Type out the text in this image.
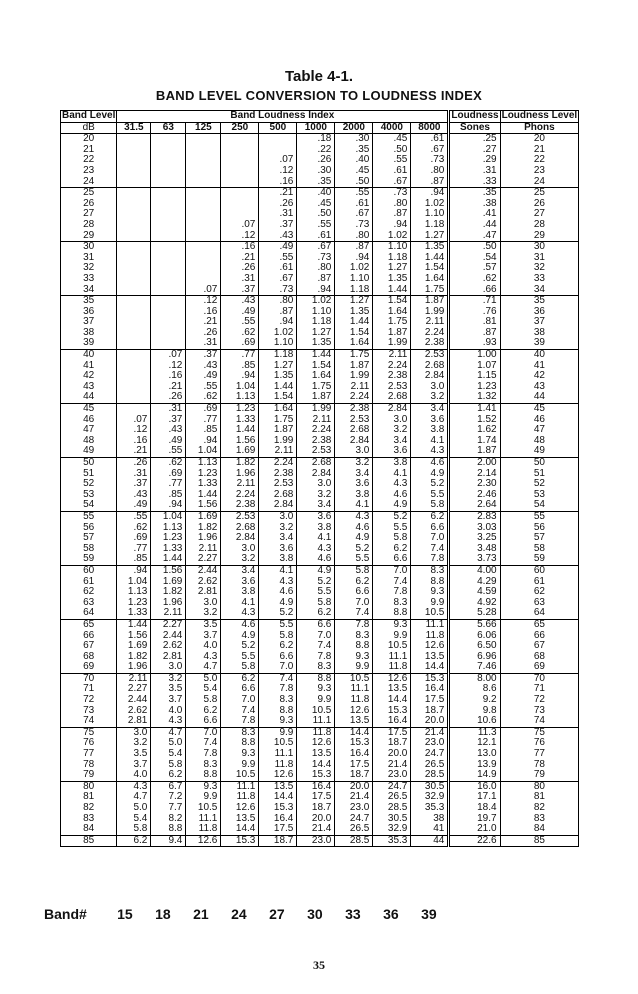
Table 4-1.
BAND LEVEL CONVERSION TO LOUDNESS INDEX
Band Level	Band Loudness Index									Loudness	Loudness Level
dB	31.5	63	125	250	500	1000	2000	4000	8000	Sones	Phons
20						.18	.30	.45	.61	.25	20
21						.22	.35	.50	.67	.27	21
22					.07	.26	.40	.55	.73	.29	22
23					.12	.30	.45	.61	.80	.31	23
24					.16	.35	.50	.67	.87	.33	24
25					.21	.40	.55	.73	.94	.35	25
26					.26	.45	.61	.80	1.02	.38	26
27					.31	.50	.67	.87	1.10	.41	27
28				.07	.37	.55	.73	.94	1.18	.44	28
29				.12	.43	.61	.80	1.02	1.27	.47	29
30				.16	.49	.67	.87	1.10	1.35	.50	30
31				.21	.55	.73	.94	1.18	1.44	.54	31
32				.26	.61	.80	1.02	1.27	1.54	.57	32
33				.31	.67	.87	1.10	1.35	1.64	.62	33
34			.07	.37	.73	.94	1.18	1.44	1.75	.66	34
35			.12	.43	.80	1.02	1.27	1.54	1.87	.71	35
36			.16	.49	.87	1.10	1.35	1.64	1.99	.76	36
37			.21	.55	.94	1.18	1.44	1.75	2.11	.81	37
38			.26	.62	1.02	1.27	1.54	1.87	2.24	.87	38
39			.31	.69	1.10	1.35	1.64	1.99	2.38	.93	39
40		.07	.37	.77	1.18	1.44	1.75	2.11	2.53	1.00	40
41		.12	.43	.85	1.27	1.54	1.87	2.24	2.68	1.07	41
42		.16	.49	.94	1.35	1.64	1.99	2.38	2.84	1.15	42
43		.21	.55	1.04	1.44	1.75	2.11	2.53	3.0	1.23	43
44		.26	.62	1.13	1.54	1.87	2.24	2.68	3.2	1.32	44
45		.31	.69	1.23	1.64	1.99	2.38	2.84	3.4	1.41	45
46	.07	.37	.77	1.33	1.75	2.11	2.53	3.0	3.6	1.52	46
47	.12	.43	.85	1.44	1.87	2.24	2.68	3.2	3.8	1.62	47
48	.16	.49	.94	1.56	1.99	2.38	2.84	3.4	4.1	1.74	48
49	.21	.55	1.04	1.69	2.11	2.53	3.0	3.6	4.3	1.87	49
50	.26	.62	1.13	1.82	2.24	2.68	3.2	3.8	4.6	2.00	50
51	.31	.69	1.23	1.96	2.38	2.84	3.4	4.1	4.9	2.14	51
52	.37	.77	1.33	2.11	2.53	3.0	3.6	4.3	5.2	2.30	52
53	.43	.85	1.44	2.24	2.68	3.2	3.8	4.6	5.5	2.46	53
54	.49	.94	1.56	2.38	2.84	3.4	4.1	4.9	5.8	2.64	54
55	.55	1.04	1.69	2.53	3.0	3.6	4.3	5.2	6.2	2.83	55
56	.62	1.13	1.82	2.68	3.2	3.8	4.6	5.5	6.6	3.03	56
57	.69	1.23	1.96	2.84	3.4	4.1	4.9	5.8	7.0	3.25	57
58	.77	1.33	2.11	3.0	3.6	4.3	5.2	6.2	7.4	3.48	58
59	.85	1.44	2.27	3.2	3.8	4.6	5.5	6.6	7.8	3.73	59
60	.94	1.56	2.44	3.4	4.1	4.9	5.8	7.0	8.3	4.00	60
61	1.04	1.69	2.62	3.6	4.3	5.2	6.2	7.4	8.8	4.29	61
62	1.13	1.82	2.81	3.8	4.6	5.5	6.6	7.8	9.3	4.59	62
63	1.23	1.96	3.0	4.1	4.9	5.8	7.0	8.3	9.9	4.92	63
64	1.33	2.11	3.2	4.3	5.2	6.2	7.4	8.8	10.5	5.28	64
65	1.44	2.27	3.5	4.6	5.5	6.6	7.8	9.3	11.1	5.66	65
66	1.56	2.44	3.7	4.9	5.8	7.0	8.3	9.9	11.8	6.06	66
67	1.69	2.62	4.0	5.2	6.2	7.4	8.8	10.5	12.6	6.50	67
68	1.82	2.81	4.3	5.5	6.6	7.8	9.3	11.1	13.5	6.96	68
69	1.96	3.0	4.7	5.8	7.0	8.3	9.9	11.8	14.4	7.46	69
70	2.11	3.2	5.0	6.2	7.4	8.8	10.5	12.6	15.3	8.00	70
71	2.27	3.5	5.4	6.6	7.8	9.3	11.1	13.5	16.4	8.6	71
72	2.44	3.7	5.8	7.0	8.3	9.9	11.8	14.4	17.5	9.2	72
73	2.62	4.0	6.2	7.4	8.8	10.5	12.6	15.3	18.7	9.8	73
74	2.81	4.3	6.6	7.8	9.3	11.1	13.5	16.4	20.0	10.6	74
75	3.0	4.7	7.0	8.3	9.9	11.8	14.4	17.5	21.4	11.3	75
76	3.2	5.0	7.4	8.8	10.5	12.6	15.3	18.7	23.0	12.1	76
77	3.5	5.4	7.8	9.3	11.1	13.5	16.4	20.0	24.7	13.0	77
78	3.7	5.8	8.3	9.9	11.8	14.4	17.5	21.4	26.5	13.9	78
79	4.0	6.2	8.8	10.5	12.6	15.3	18.7	23.0	28.5	14.9	79
80	4.3	6.7	9.3	11.1	13.5	16.4	20.0	24.7	30.5	16.0	80
81	4.7	7.2	9.9	11.8	14.4	17.5	21.4	26.5	32.9	17.1	81
82	5.0	7.7	10.5	12.6	15.3	18.7	23.0	28.5	35.3	18.4	82
83	5.4	8.2	11.1	13.5	16.4	20.0	24.7	30.5	38	19.7	83
84	5.8	8.8	11.8	14.4	17.5	21.4	26.5	32.9	41	21.0	84
85	6.2	9.4	12.6	15.3	18.7	23.0	28.5	35.3	44	22.6	85
Band# 15 18 21 24 27 30 33 36 39
35
